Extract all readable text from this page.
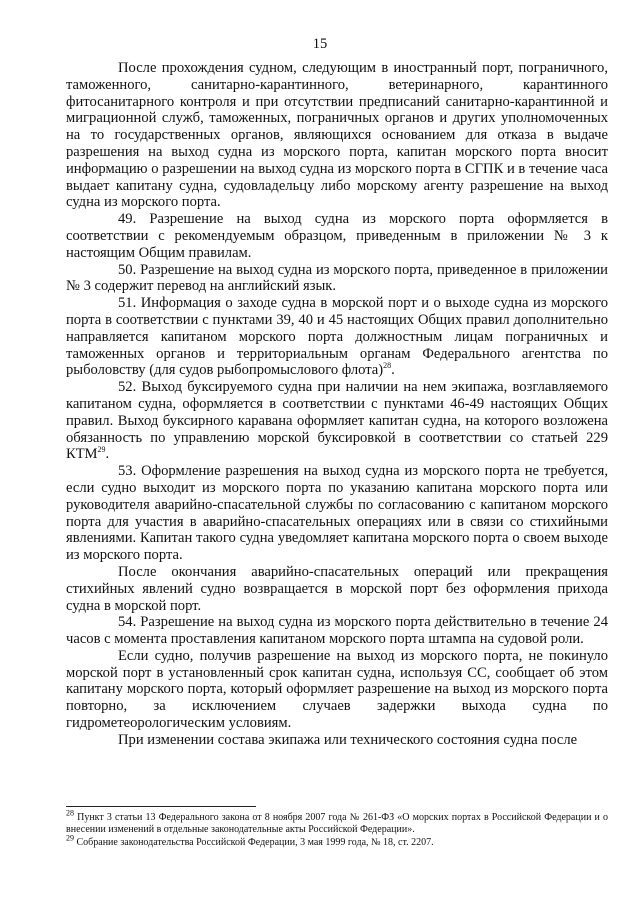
15

После прохождения судном, следующим в иностранный порт, пограничного, таможенного, санитарно-карантинного, ветеринарного, карантинного фитосанитарного контроля и при отсутствии предписаний санитарно-карантинной и миграционной служб, таможенных, пограничных органов и других уполномоченных на то государственных органов, являющихся основанием для отказа в выдаче разрешения на выход судна из морского порта, капитан морского порта вносит информацию о разрешении на выход судна из морского порта в СГПК и в течение часа выдает капитану судна, судовладельцу либо морскому агенту разрешение на выход судна из морского порта.

49. Разрешение на выход судна из морского порта оформляется в соответствии с рекомендуемым образцом, приведенным в приложении № 3 к настоящим Общим правилам.

50. Разрешение на выход судна из морского порта, приведенное в приложении № 3 содержит перевод на английский язык.

51. Информация о заходе судна в морской порт и о выходе судна из морского порта в соответствии с пунктами 39, 40 и 45 настоящих Общих правил дополнительно направляется капитаном морского порта должностным лицам пограничных и таможенных органов и территориальным органам Федерального агентства по рыболовству (для судов рыбопромыслового флота)$^{28}$.

52. Выход буксируемого судна при наличии на нем экипажа, возглавляемого капитаном судна, оформляется в соответствии с пунктами 46-49 настоящих Общих правил. Выход буксирного каравана оформляет капитан судна, на которого возложена обязанность по управлению морской буксировкой в соответствии со статьей 229 КТМ$^{29}$.

53. Оформление разрешения на выход судна из морского порта не требуется, если судно выходит из морского порта по указанию капитана морского порта или руководителя аварийно-спасательной службы по согласованию с капитаном морского порта для участия в аварийно-спасательных операциях или в связи со стихийными явлениями. Капитан такого судна уведомляет капитана морского порта о своем выходе из морского порта.

После окончания аварийно-спасательных операций или прекращения стихийных явлений судно возвращается в морской порт без оформления прихода судна в морской порт.

54. Разрешение на выход судна из морского порта действительно в течение 24 часов с момента проставления капитаном морского порта штампа на судовой роли.

Если судно, получив разрешение на выход из морского порта, не покинуло морской порт в установленный срок капитан судна, используя СС, сообщает об этом капитану морского порта, который оформляет разрешение на выход из морского порта повторно, за исключением случаев задержки выхода судна по гидрометеорологическим условиям.

При изменении состава экипажа или технического состояния судна после

$^{28}$ Пункт 3 статьи 13 Федерального закона от 8 ноября 2007 года № 261-ФЗ «О морских портах в Российской Федерации и о внесении изменений в отдельные законодательные акты Российской Федерации».

$^{29}$ Собрание законодательства Российской Федерации, 3 мая 1999 года, № 18, ст. 2207.
